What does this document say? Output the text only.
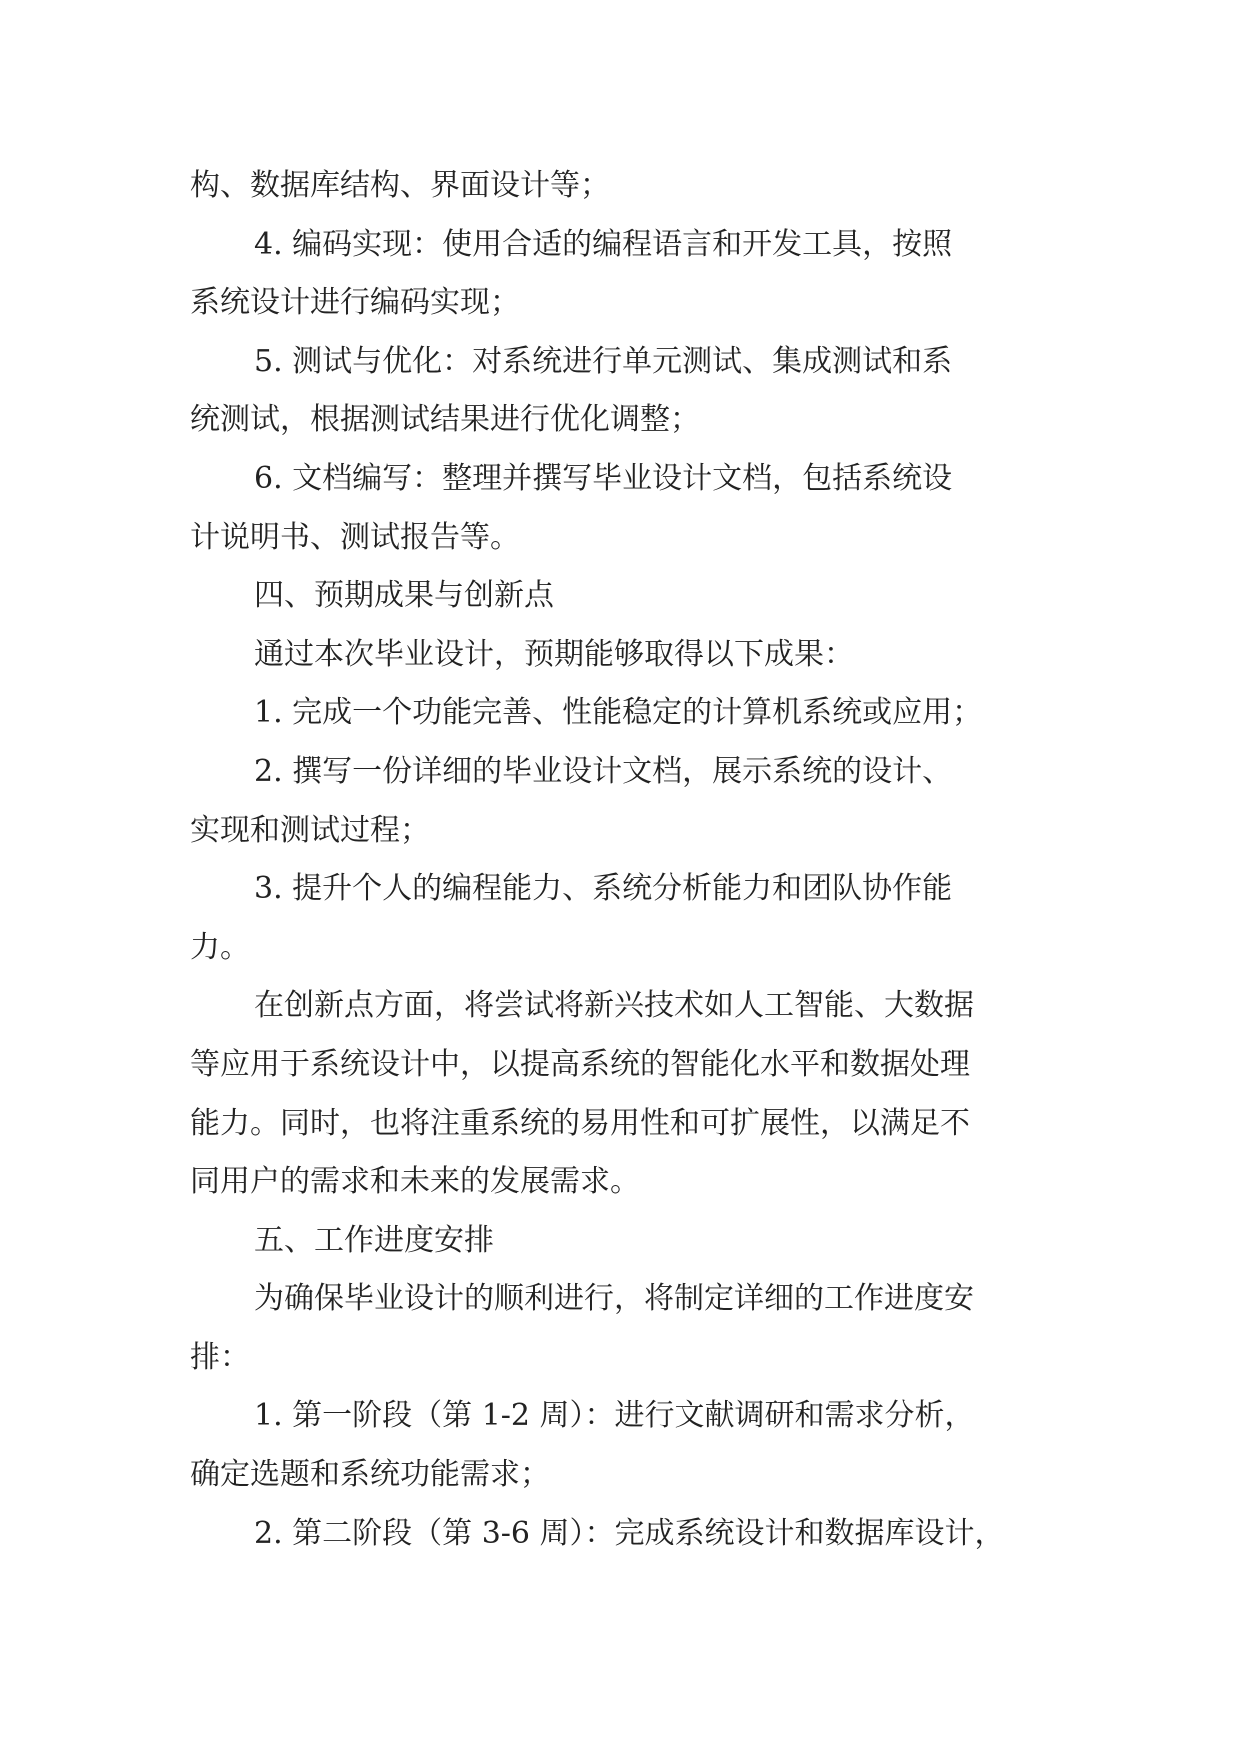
构、数据库结构、界面设计等；
4. 编码实现：使用合适的编程语言和开发工具，按照
系统设计进行编码实现；
5. 测试与优化：对系统进行单元测试、集成测试和系
统测试，根据测试结果进行优化调整；
6. 文档编写：整理并撰写毕业设计文档，包括系统设
计说明书、测试报告等。
四、预期成果与创新点
通过本次毕业设计，预期能够取得以下成果：
1. 完成一个功能完善、性能稳定的计算机系统或应用；
2. 撰写一份详细的毕业设计文档，展示系统的设计、
实现和测试过程；
3. 提升个人的编程能力、系统分析能力和团队协作能
力。
在创新点方面，将尝试将新兴技术如人工智能、大数据
等应用于系统设计中，以提高系统的智能化水平和数据处理
能力。同时，也将注重系统的易用性和可扩展性，以满足不
同用户的需求和未来的发展需求。
五、工作进度安排
为确保毕业设计的顺利进行，将制定详细的工作进度安
排：
1. 第一阶段（第 1-2 周）：进行文献调研和需求分析，
确定选题和系统功能需求；
2. 第二阶段（第 3-6 周）：完成系统设计和数据库设计，
